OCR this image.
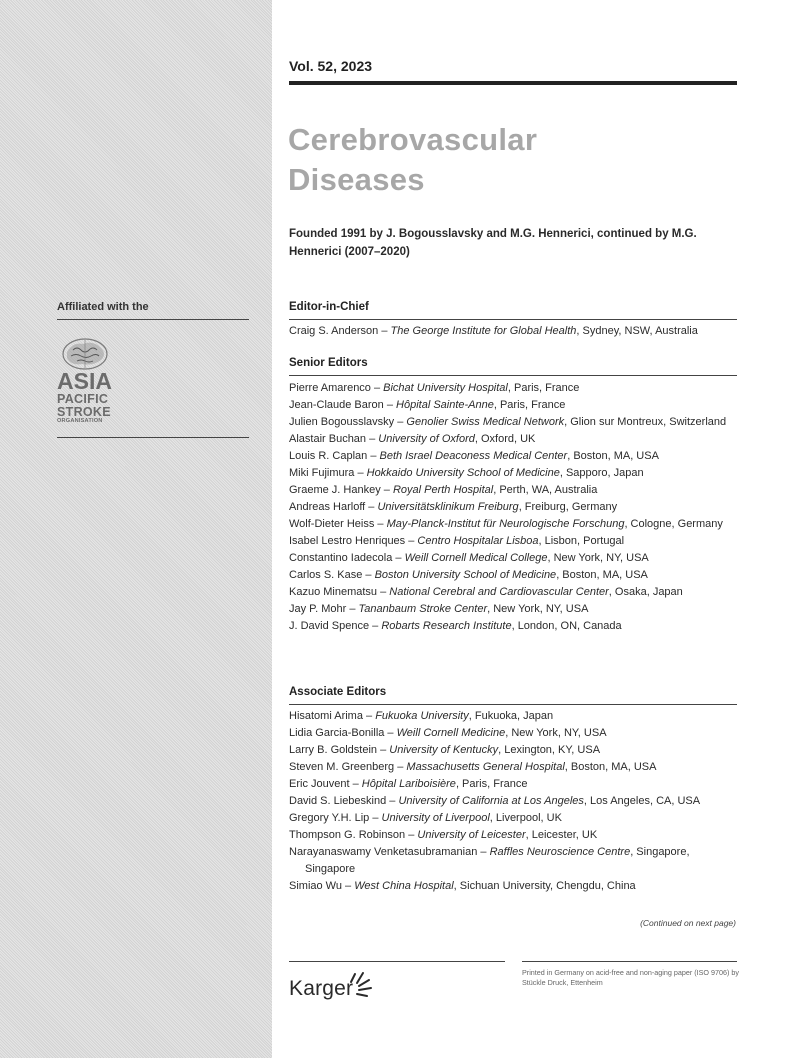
Affiliated with the
ASIA
PACIFIC
STROKE
ORGANISATION
Vol. 52, 2023
Cerebrovascular
Diseases
Founded 1991 by J. Bogousslavsky and M.G. Hennerici, continued by M.G. Hennerici (2007–2020)
Editor-in-Chief
Craig S. Anderson – The George Institute for Global Health, Sydney, NSW, Australia
Senior Editors
Pierre Amarenco – Bichat University Hospital, Paris, France
Jean-Claude Baron – Hôpital Sainte-Anne, Paris, France
Julien Bogousslavsky – Genolier Swiss Medical Network, Glion sur Montreux, Switzerland
Alastair Buchan – University of Oxford, Oxford, UK
Louis R. Caplan – Beth Israel Deaconess Medical Center, Boston, MA, USA
Miki Fujimura – Hokkaido University School of Medicine, Sapporo, Japan
Graeme J. Hankey – Royal Perth Hospital, Perth, WA, Australia
Andreas Harloff – Universitätsklinikum Freiburg, Freiburg, Germany
Wolf-Dieter Heiss – May-Planck-Institut für Neurologische Forschung, Cologne, Germany
Isabel Lestro Henriques – Centro Hospitalar Lisboa, Lisbon, Portugal
Constantino Iadecola – Weill Cornell Medical College, New York, NY, USA
Carlos S. Kase – Boston University School of Medicine, Boston, MA, USA
Kazuo Minematsu – National Cerebral and Cardiovascular Center, Osaka, Japan
Jay P. Mohr – Tananbaum Stroke Center, New York, NY, USA
J. David Spence – Robarts Research Institute, London, ON, Canada
Associate Editors
Hisatomi Arima – Fukuoka University, Fukuoka, Japan
Lidia Garcia-Bonilla – Weill Cornell Medicine, New York, NY, USA
Larry B. Goldstein – University of Kentucky, Lexington, KY, USA
Steven M. Greenberg – Massachusetts General Hospital, Boston, MA, USA
Eric Jouvent – Hôpital Lariboisière, Paris, France
David S. Liebeskind – University of California at Los Angeles, Los Angeles, CA, USA
Gregory Y.H. Lip – University of Liverpool, Liverpool, UK
Thompson G. Robinson – University of Leicester, Leicester, UK
Narayanaswamy Venketasubramanian – Raffles Neuroscience Centre, Singapore, Singapore
Simiao Wu – West China Hospital, Sichuan University, Chengdu, China
(Continued on next page)
Karger
Printed in Germany on acid-free and non-aging paper (ISO 9706) by Stückle Druck, Ettenheim
